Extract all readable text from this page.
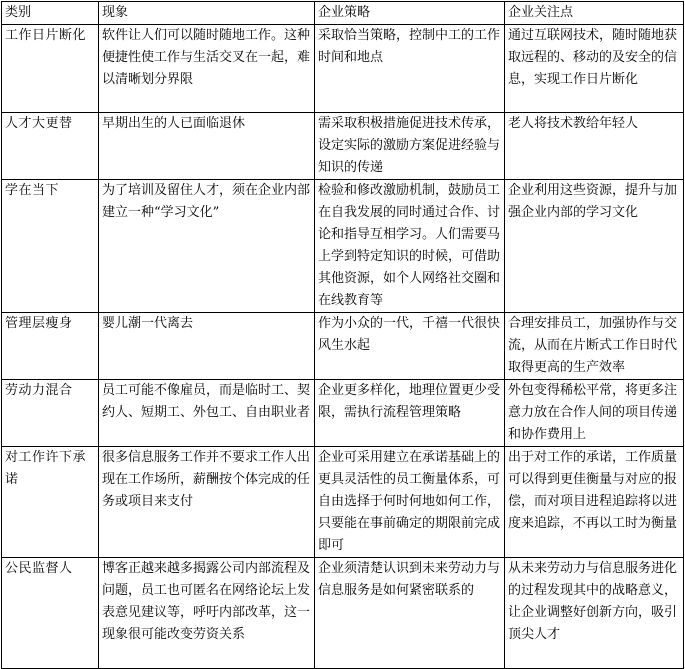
类别	现象	企业策略	企业关注点
工作日片断化	软件让人们可以随时随地工作。这种便捷性使工作与生活交叉在一起，难以清晰划分界限	采取恰当策略，控制中工的工作时间和地点	通过互联网技术，随时随地获取远程的、移动的及安全的信息，实现工作日片断化
人才大更替	早期出生的人已面临退休	需采取积极措施促进技术传承，设定实际的激励方案促进经验与知识的传递	老人将技术教给年轻人
学在当下	为了培训及留住人才，须在企业内部建立一种“学习文化”	检验和修改激励机制，鼓励员工在自我发展的同时通过合作、讨论和指导互相学习。人们需要马上学到特定知识的时候，可借助其他资源，如个人网络社交圈和在线教育等	企业利用这些资源，提升与加强企业内部的学习文化
管理层瘦身	婴儿潮一代离去	作为小众的一代，千禧一代很快风生水起	合理安排员工，加强协作与交流，从而在片断式工作日时代取得更高的生产效率
劳动力混合	员工可能不像雇员，而是临时工、契约人、短期工、外包工、自由职业者	企业更多样化，地理位置更少受限，需执行流程管理策略	外包变得稀松平常，将更多注意力放在合作人间的项目传递和协作费用上
对工作许下承诺	很多信息服务工作并不要求工作人出现在工作场所，薪酬按个体完成的任务或项目来支付	企业可采用建立在承诺基础上的更具灵活性的员工衡量体系，可自由选择于何时何地如何工作，只要能在事前确定的期限前完成即可	出于对工作的承诺，工作质量可以得到更佳衡量与对应的报偿，而对项目进程追踪将以进度来追踪，不再以工时为衡量
公民监督人	博客正越来越多揭露公司内部流程及问题，员工也可匿名在网络论坛上发表意见建议等，呼吁内部改革，这一现象很可能改变劳资关系	企业须清楚认识到未来劳动力与信息服务是如何紧密联系的	从未来劳动力与信息服务进化的过程发现其中的战略意义，让企业调整好创新方向，吸引顶尖人才
